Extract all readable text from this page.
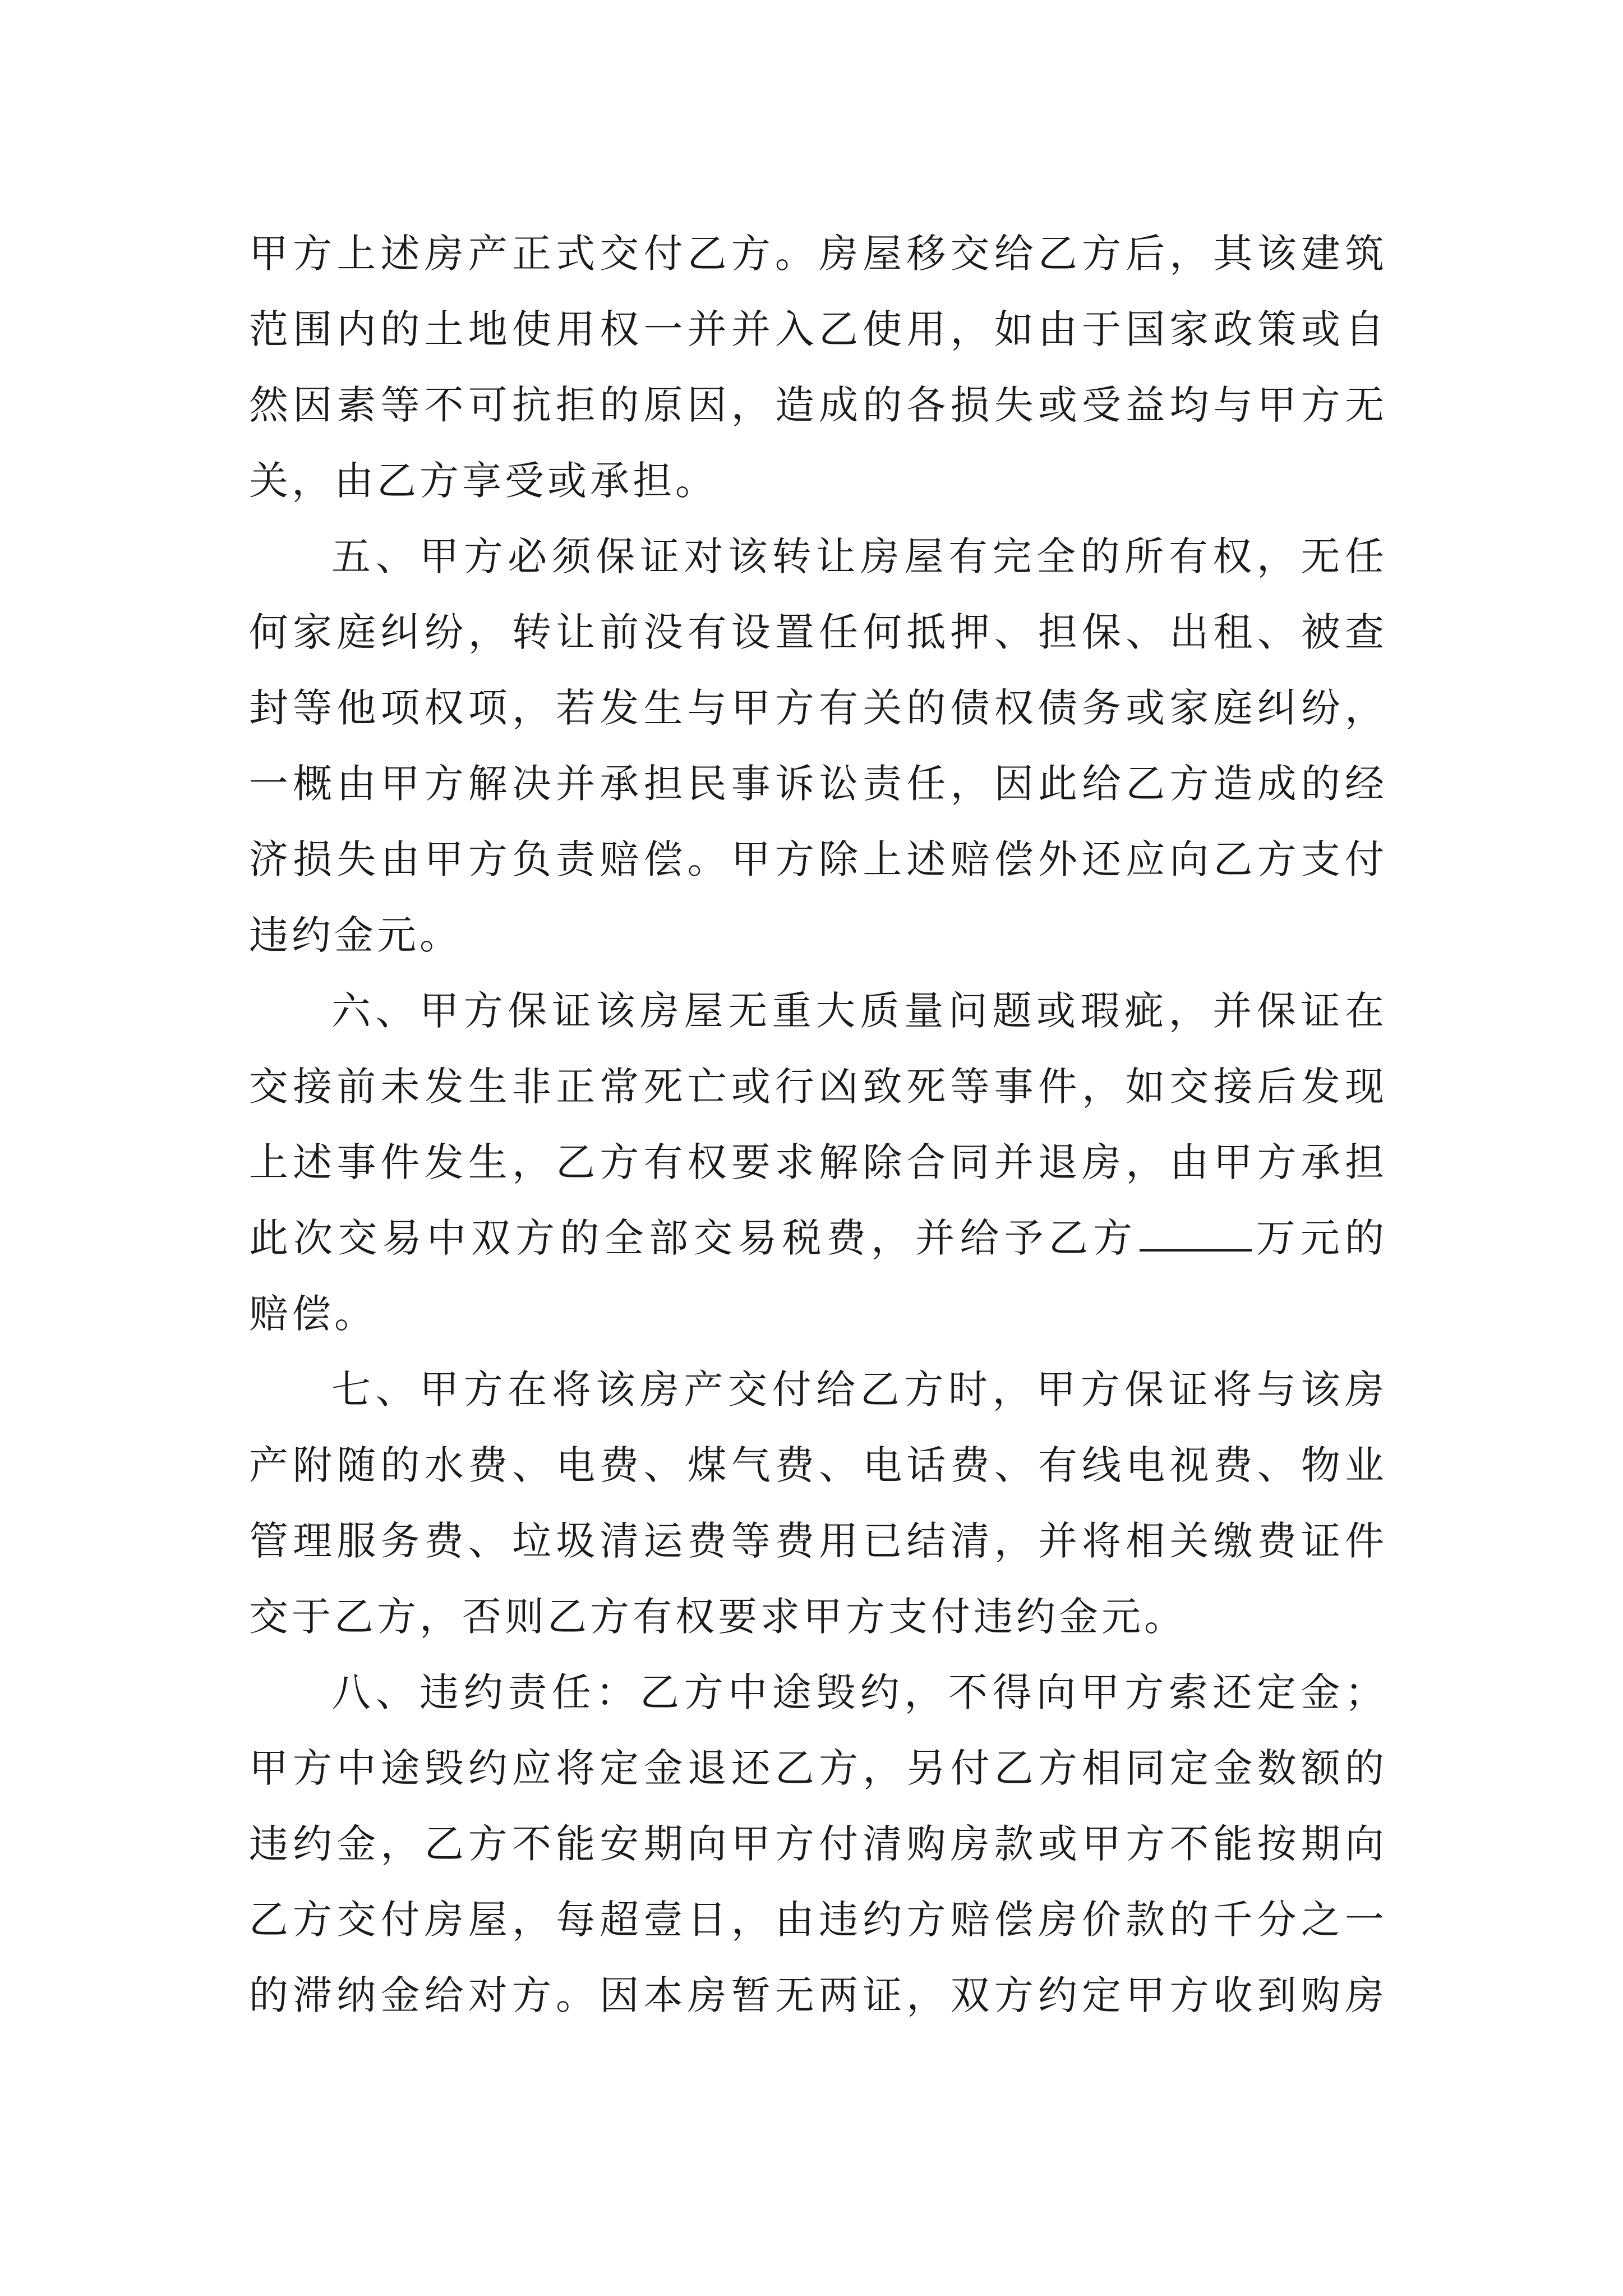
甲方上述房产正式交付乙方。房屋移交给乙方后，其该建筑
范围内的土地使用权一并并入乙使用，如由于国家政策或自
然因素等不可抗拒的原因，造成的各损失或受益均与甲方无
关，由乙方享受或承担。
五、甲方必须保证对该转让房屋有完全的所有权，无任
何家庭纠纷，转让前没有设置任何抵押、担保、出租、被查
封等他项权项，若发生与甲方有关的债权债务或家庭纠纷，
一概由甲方解决并承担民事诉讼责任，因此给乙方造成的经
济损失由甲方负责赔偿。甲方除上述赔偿外还应向乙方支付
违约金元。
六、甲方保证该房屋无重大质量问题或瑕疵，并保证在
交接前未发生非正常死亡或行凶致死等事件，如交接后发现
上述事件发生，乙方有权要求解除合同并退房，由甲方承担
此次交易中双方的全部交易税费，并给予乙方	万元的
赔偿。
七、甲方在将该房产交付给乙方时，甲方保证将与该房
产附随的水费、电费、煤气费、电话费、有线电视费、物业
管理服务费、垃圾清运费等费用已结清，并将相关缴费证件
交于乙方，否则乙方有权要求甲方支付违约金元。
八、违约责任：乙方中途毁约，不得向甲方索还定金；
甲方中途毁约应将定金退还乙方，另付乙方相同定金数额的
违约金，乙方不能安期向甲方付清购房款或甲方不能按期向
乙方交付房屋，每超壹日，由违约方赔偿房价款的千分之一
的滞纳金给对方。因本房暂无两证，双方约定甲方收到购房
